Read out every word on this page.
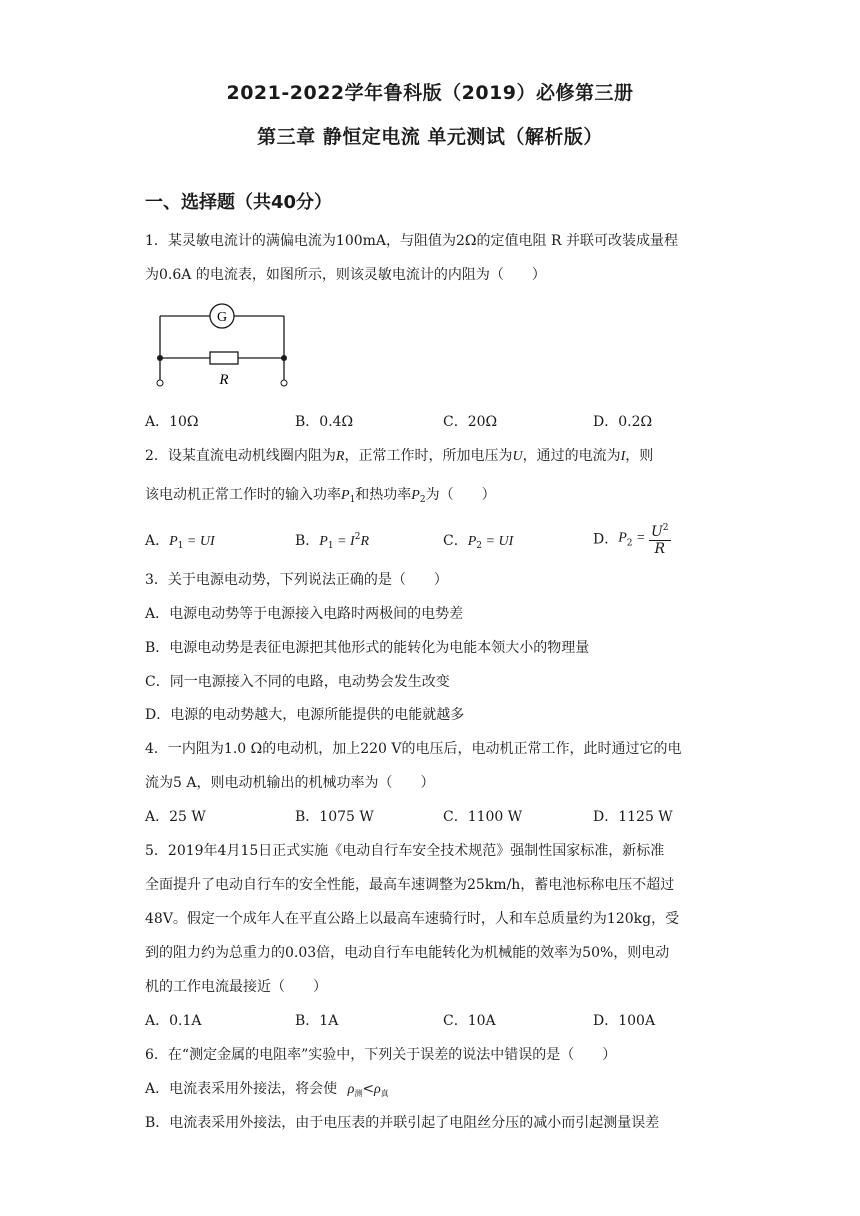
2021-2022学年鲁科版（2019）必修第三册
第三章 静恒定电流 单元测试（解析版）
一、选择题（共40分）
1．某灵敏电流计的满偏电流为100mA，与阻值为2Ω的定值电阻 R 并联可改装成量程
为0.6A 的电流表，如图所示，则该灵敏电流计的内阻为（　　）
G
R
A．10Ω	B．0.4Ω	C．20Ω	D．0.2Ω
2．设某直流电动机线圈内阻为R，正常工作时，所加电压为U，通过的电流为I，则
该电动机正常工作时的输入功率$P_1$和热功率$P_2$为（　　）
A．$P_1$ = UI	B．$P_1 = I^2R$	C．$P_2$ = UI	D．$P_2 = \frac{U^2}{R}$
3．关于电源电动势，下列说法正确的是（　　）
A．电源电动势等于电源接入电路时两极间的电势差
B．电源电动势是表征电源把其他形式的能转化为电能本领大小的物理量
C．同一电源接入不同的电路，电动势会发生改变
D．电源的电动势越大，电源所能提供的电能就越多
4．一内阻为1.0 Ω的电动机，加上220 V的电压后，电动机正常工作，此时通过它的电
流为5 A，则电动机输出的机械功率为（　　）
A．25 W	B．1075 W	C．1100 W	D．1125 W
5．2019年4月15日正式实施《电动自行车安全技术规范》强制性国家标准，新标准
全面提升了电动自行车的安全性能，最高车速调整为25km/h，蓄电池标称电压不超过
48V。假定一个成年人在平直公路上以最高车速骑行时，人和车总质量约为120kg，受
到的阻力约为总重力的0.03倍，电动自行车电能转化为机械能的效率为50%，则电动
机的工作电流最接近（　　）
A．0.1A	B．1A	C．10A	D．100A
6．在“测定金属的电阻率”实验中，下列关于误差的说法中错误的是（　　）
A．电流表采用外接法，将会使 $\rho_测<\rho_真$
B．电流表采用外接法，由于电压表的并联引起了电阻丝分压的减小而引起测量误差
